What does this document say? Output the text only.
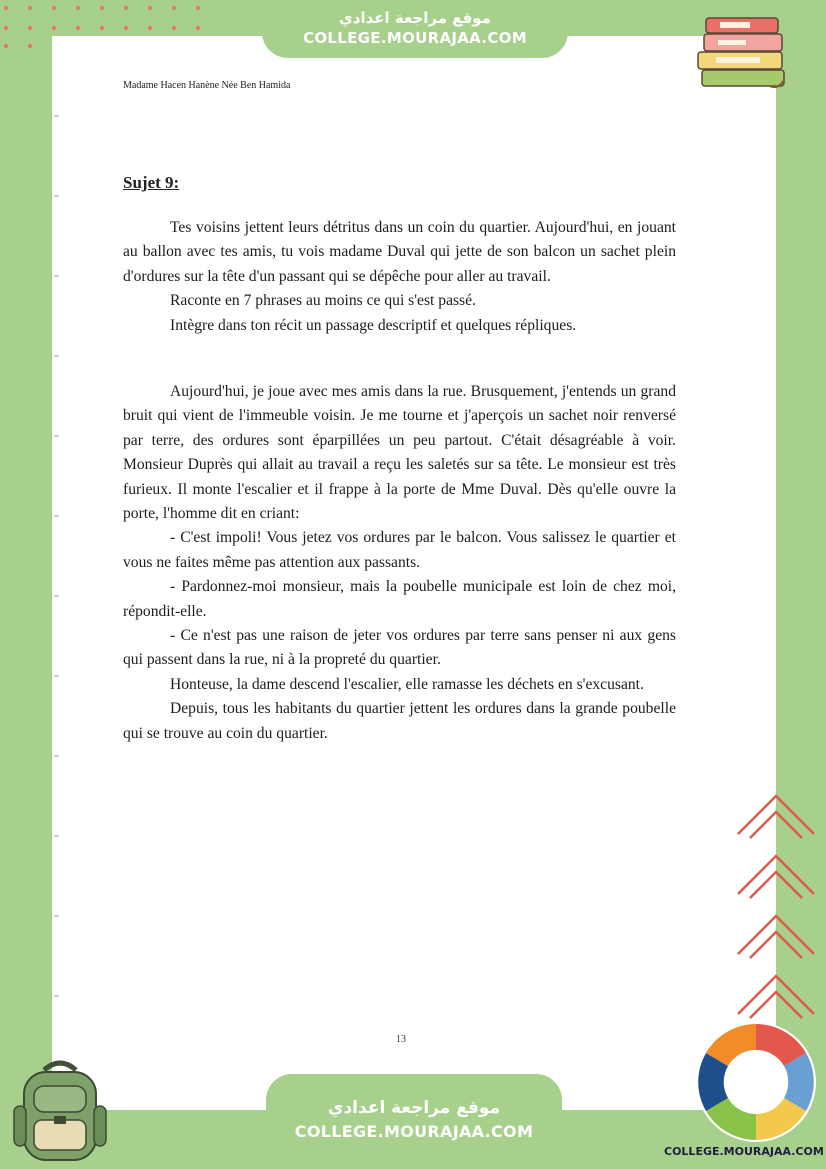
Madame Hacen Hanène Née Ben Hamida
Sujet 9:

Tes voisins jettent leurs détritus dans un coin du quartier. Aujourd'hui, en jouant au ballon avec tes amis, tu vois madame Duval qui jette de son balcon un sachet plein d'ordures sur la tête d'un passant qui se dépêche pour aller au travail.

Raconte en 7 phrases au moins ce qui s'est passé.

Intègre dans ton récit un passage descriptif et quelques répliques.

Aujourd'hui, je joue avec mes amis dans la rue. Brusquement, j'entends un grand bruit qui vient de l'immeuble voisin. Je me tourne et j'aperçois un sachet noir renversé par terre, des ordures sont éparpillées un peu partout. C'était désagréable à voir. Monsieur Duprès qui allait au travail a reçu les saletés sur sa tête. Le monsieur est très furieux. Il monte l'escalier et il frappe à la porte de Mme Duval. Dès qu'elle ouvre la porte, l'homme dit en criant:

- C'est impoli! Vous jetez vos ordures par le balcon. Vous salissez le quartier et vous ne faites même pas attention aux passants.

- Pardonnez-moi monsieur, mais la poubelle municipale est loin de chez moi, répondit-elle.

- Ce n'est pas une raison de jeter vos ordures par terre sans penser ni aux gens qui passent dans la rue, ni à la propreté du quartier.

Honteuse, la dame descend l'escalier, elle ramasse les déchets en s'excusant.

Depuis, tous les habitants du quartier jettent les ordures dans la grande poubelle qui se trouve au coin du quartier.

13
موقع مراجعة اعدادي
COLLEGE.MOURAJAA.COM
موقع مراجعة اعدادي
COLLEGE.MOURAJAA.COM
COLLEGE.MOURAJAA.COM
